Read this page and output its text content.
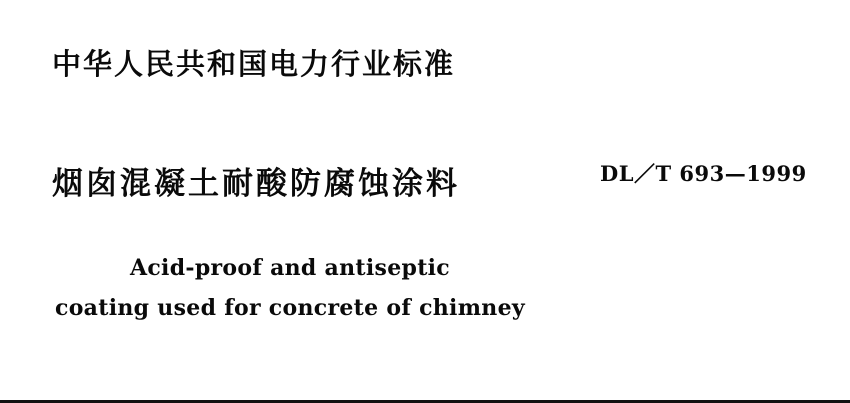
中华人民共和国电力行业标准
烟囱混凝土耐酸防腐蚀涂料	DL／T 693—1999
Acid-proof and antiseptic
coating used for concrete of chimney
